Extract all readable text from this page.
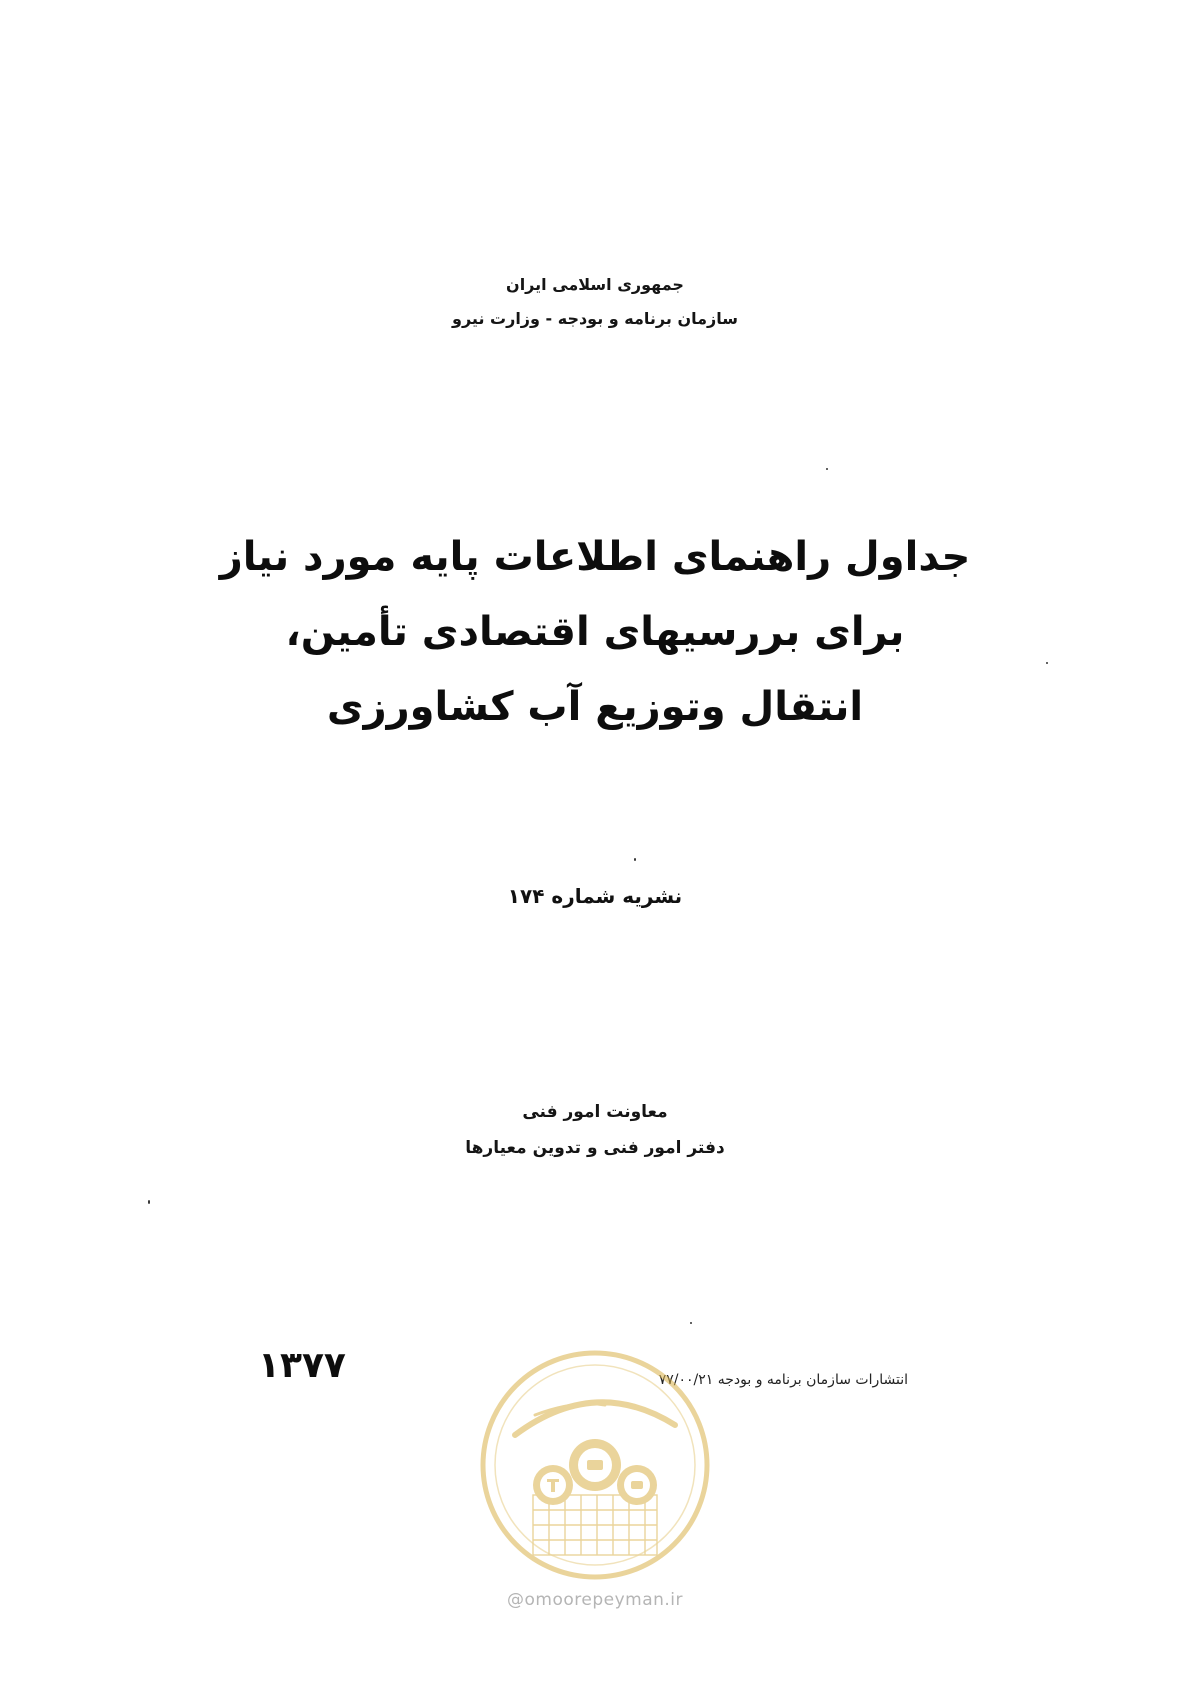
جمهوری اسلامی ایران
سازمان برنامه و بودجه - وزارت نیرو
جداول راهنمای اطلاعات پایه مورد نیاز
برای بررسیهای اقتصادی تأمین،
انتقال وتوزیع آب کشاورزی
نشریه شماره ۱۷۴
معاونت امور فنی
دفتر امور فنی و تدوین معیارها
۱۳۷۷	انتشارات سازمان برنامه و بودجه ۷۷/۰۰/۲۱
@omoorepeyman.ir
